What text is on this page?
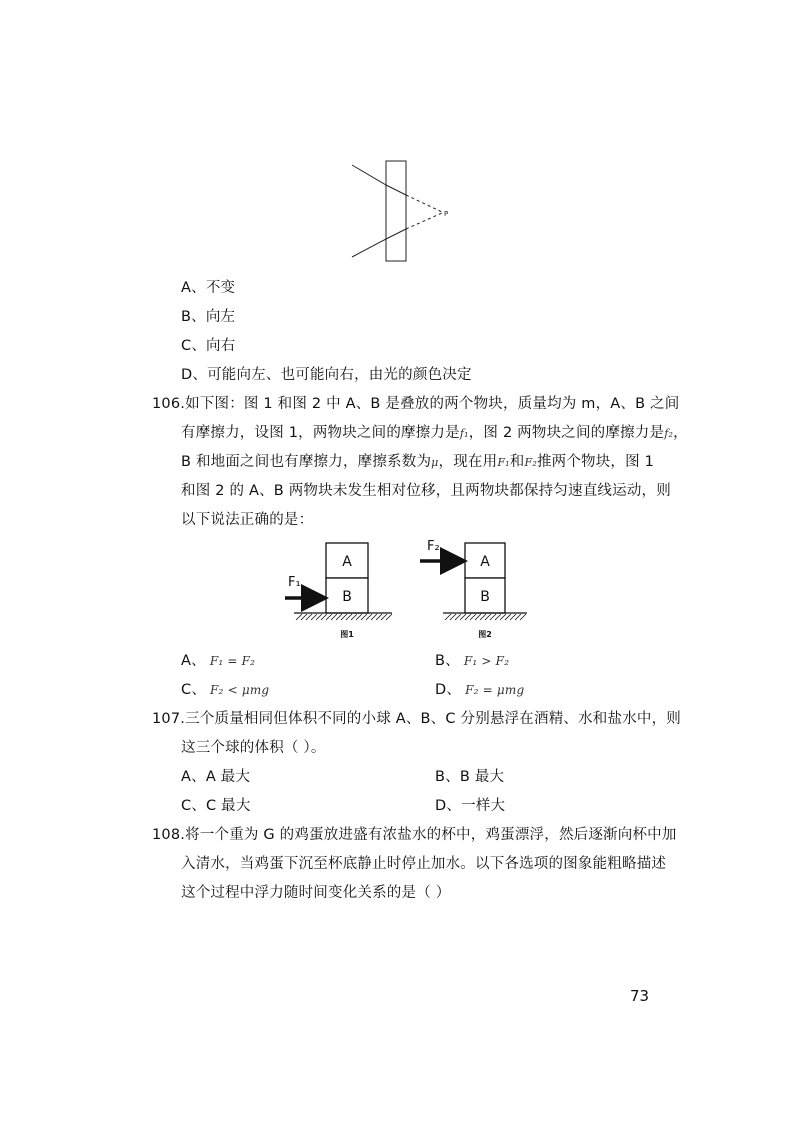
P
A、不变
B、向左
C、向右
D、可能向左、也可能向右，由光的颜色决定
106.如下图：图 1 和图 2 中 A、B 是叠放的两个物块，质量均为 m，A、B 之间
有摩擦力，设图 1，两物块之间的摩擦力是f₁，图 2 两物块之间的摩擦力是f₂，
B 和地面之间也有摩擦力，摩擦系数为μ，现在用F₁和F₂推两个物块，图 1
和图 2 的 A、B 两物块未发生相对位移，且两物块都保持匀速直线运动，则
以下说法正确的是：
A
B
F₁
图1
A
B
F₂
图2
A、 F₁ = F₂	B、 F₁ > F₂
C、 F₂ < μmg	D、 F₂ = μmg
107.三个质量相同但体积不同的小球 A、B、C 分别悬浮在酒精、水和盐水中，则
这三个球的体积（ ）。
A、A 最大	B、B 最大
C、C 最大	D、一样大
108.将一个重为 G 的鸡蛋放进盛有浓盐水的杯中，鸡蛋漂浮，然后逐渐向杯中加
入清水，当鸡蛋下沉至杯底静止时停止加水。以下各选项的图象能粗略描述
这个过程中浮力随时间变化关系的是（ ）
73
